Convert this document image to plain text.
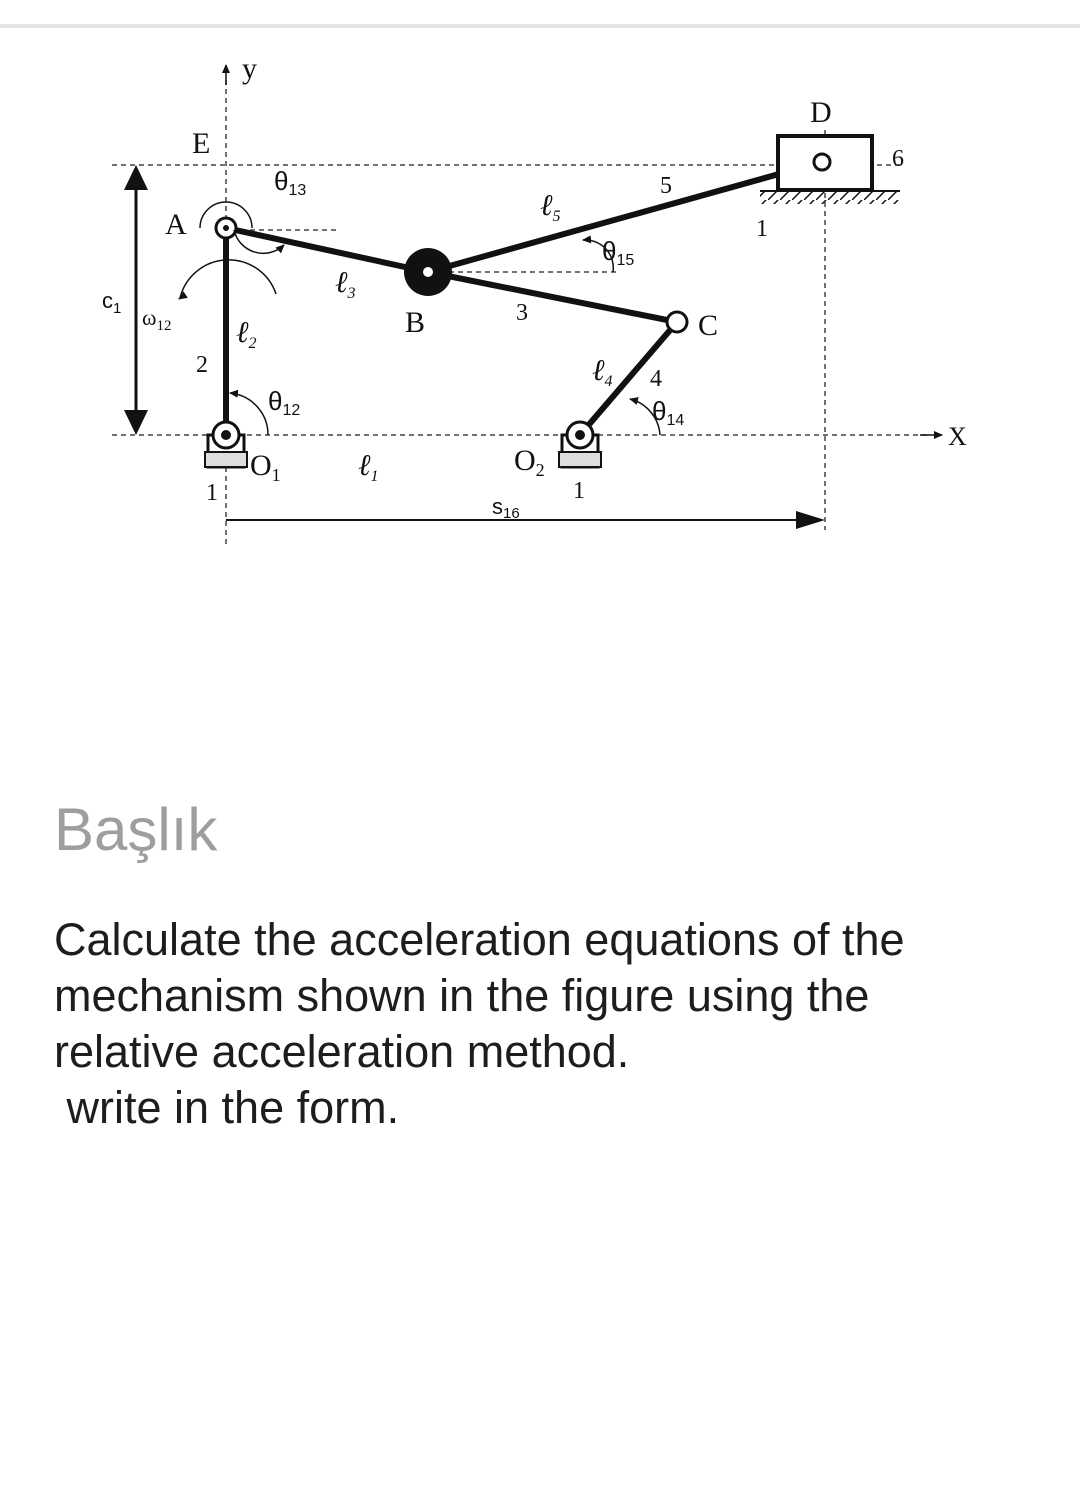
y
X
E
A
B	C
D
$O_1$	$O_2$
$c_1$ $\omega_{12}$
θ13
θ12
θ15
θ14
ℓ$_1$
ℓ$_2$
ℓ$_3$
ℓ$_4$
ℓ$_5$
s16
1	1
1
2
3
4
5
6
Başlık
Calculate the acceleration equations of the
mechanism shown in the figure using the
relative acceleration method.
write in the form.
